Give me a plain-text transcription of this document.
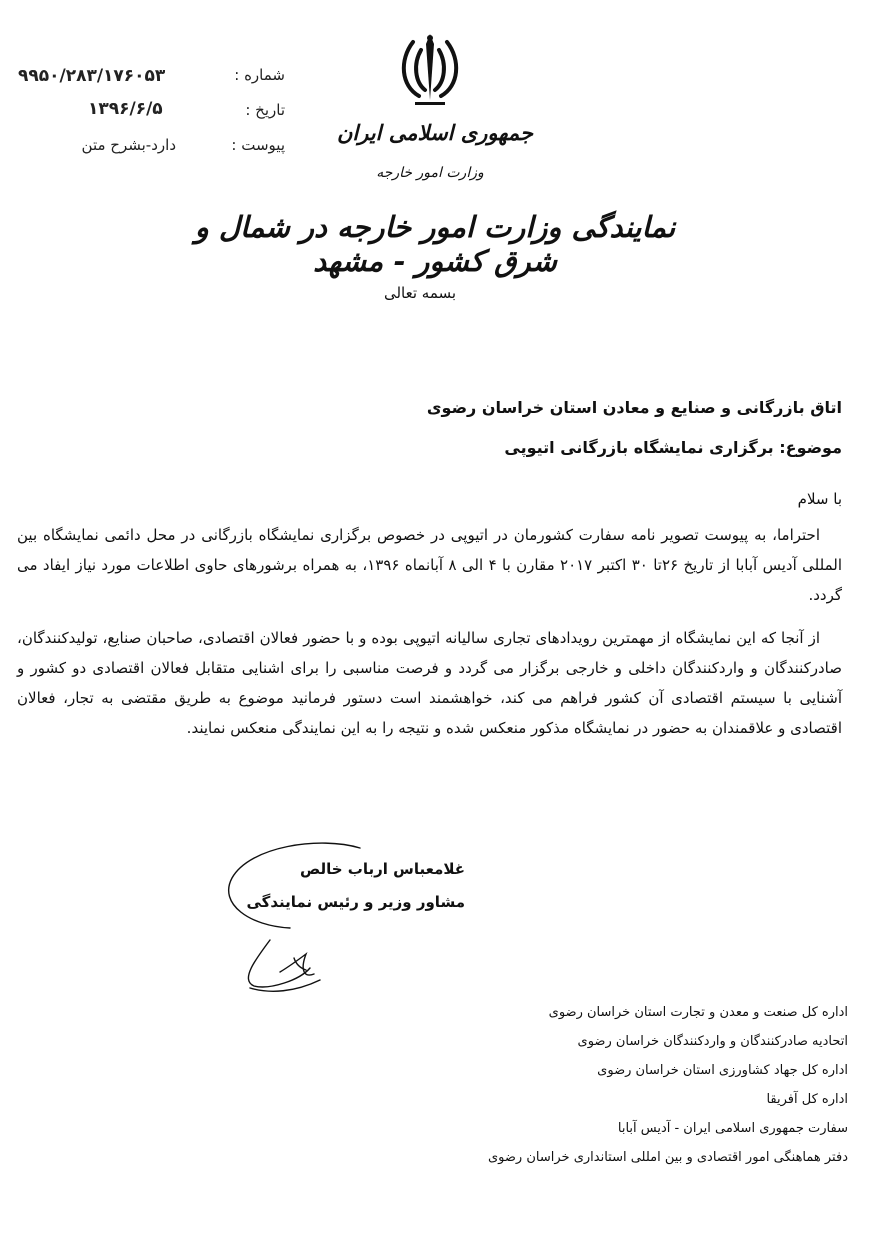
شماره :
۹۹۵۰/۲۸۳/۱۷۶۰۵۳
تاریخ :
۱۳۹۶/۶/۵
پیوست :
دارد-بشرح متن	جمهوری اسلامی ایران
وزارت امور خارجه
نمایندگی وزارت امور خارجه در شمال و شرق کشور - مشهد
بسمه تعالی
اتاق بازرگانی و صنایع و معادن استان خراسان رضوی
موضوع: برگزاری نمایشگاه بازرگانی اتیوپی
با سلام
احتراما، به پیوست تصویر نامه سفارت کشورمان در اتیوپی در خصوص برگزاری نمایشگاه بازرگانی در محل دائمی نمایشگاه بین المللی آدیس آبابا از تاریخ ۲۶تا ۳۰ اکتبر ۲۰۱۷ مقارن با ۴ الی ۸ آبانماه ۱۳۹۶، به همراه برشورهای حاوی اطلاعات مورد نیاز ایفاد می گردد.
از آنجا که این نمایشگاه از مهمترین رویدادهای تجاری سالیانه اتیوپی بوده و با حضور فعالان اقتصادی، صاحبان صنایع، تولیدکنندگان، صادرکنندگان و واردکنندگان داخلی و خارجی برگزار می گردد و فرصت مناسبی را برای اشنایی متقابل فعالان اقتصادی دو کشور و آشنایی با سیستم اقتصادی آن کشور فراهم می کند، خواهشمند است دستور فرمانید موضوع به طریق مقتضی به تجار، فعالان اقتصادی و علاقمندان به حضور در نمایشگاه مذکور منعکس شده و نتیجه را به این نمایندگی منعکس نمایند.
غلامعباس ارباب خالص
مشاور وزیر و رئیس نمایندگی
اداره کل صنعت و معدن و تجارت استان خراسان رضوی
اتحادیه صادرکنندگان و واردکنندگان خراسان رضوی
اداره کل جهاد کشاورزی استان خراسان رضوی
اداره کل آفریقا
سفارت جمهوری اسلامی ایران - آدیس آبابا
دفتر هماهنگی امور اقتصادی و بین امللی استانداری خراسان رضوی
